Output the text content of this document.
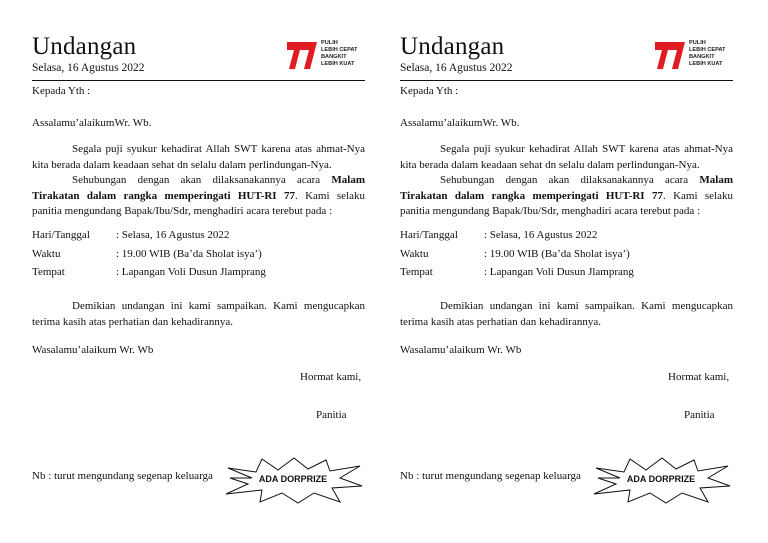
Undangan
Selasa, 16 Agustus 2022
PULIH
LEBIH CEPAT
BANGKIT
LEBIH KUAT
Kepada Yth :
Assalamu’alaikumWr. Wb.
Segala puji syukur kehadirat Allah SWT karena atas ahmat-Nya kita berada dalam keadaan sehat dn selalu dalam perlindungan-Nya.
Sehubungan dengan akan dilaksanakannya acara Malam Tirakatan dalam rangka memperingati HUT-RI 77. Kami selaku panitia mengundang Bapak/Ibu/Sdr, menghadiri acara terebut pada :
Hari/Tanggal : Selasa, 16 Agustus 2022
Waktu	: 19.00 WIB (Ba’da Sholat isya’)
Tempat	: Lapangan Voli Dusun Jlamprang
Demikian undangan ini kami sampaikan. Kami mengucapkan terima kasih atas perhatian dan kehadirannya.
Wasalamu’alaikum Wr. Wb
Hormat kami,
Panitia
Nb : turut mengundang segenap keluarga	ADA DORPRIZE
Undangan
Selasa, 16 Agustus 2022
PULIH
LEBIH CEPAT
BANGKIT
LEBIH KUAT
Kepada Yth :
Assalamu’alaikumWr. Wb.
Segala puji syukur kehadirat Allah SWT karena atas ahmat-Nya kita berada dalam keadaan sehat dn selalu dalam perlindungan-Nya.
Sehubungan dengan akan dilaksanakannya acara Malam Tirakatan dalam rangka memperingati HUT-RI 77. Kami selaku panitia mengundang Bapak/Ibu/Sdr, menghadiri acara terebut pada :
Hari/Tanggal : Selasa, 16 Agustus 2022
Waktu	: 19.00 WIB (Ba’da Sholat isya’)
Tempat	: Lapangan Voli Dusun Jlamprang
Demikian undangan ini kami sampaikan. Kami mengucapkan terima kasih atas perhatian dan kehadirannya.
Wasalamu’alaikum Wr. Wb
Hormat kami,
Panitia
Nb : turut mengundang segenap keluarga	ADA DORPRIZE
